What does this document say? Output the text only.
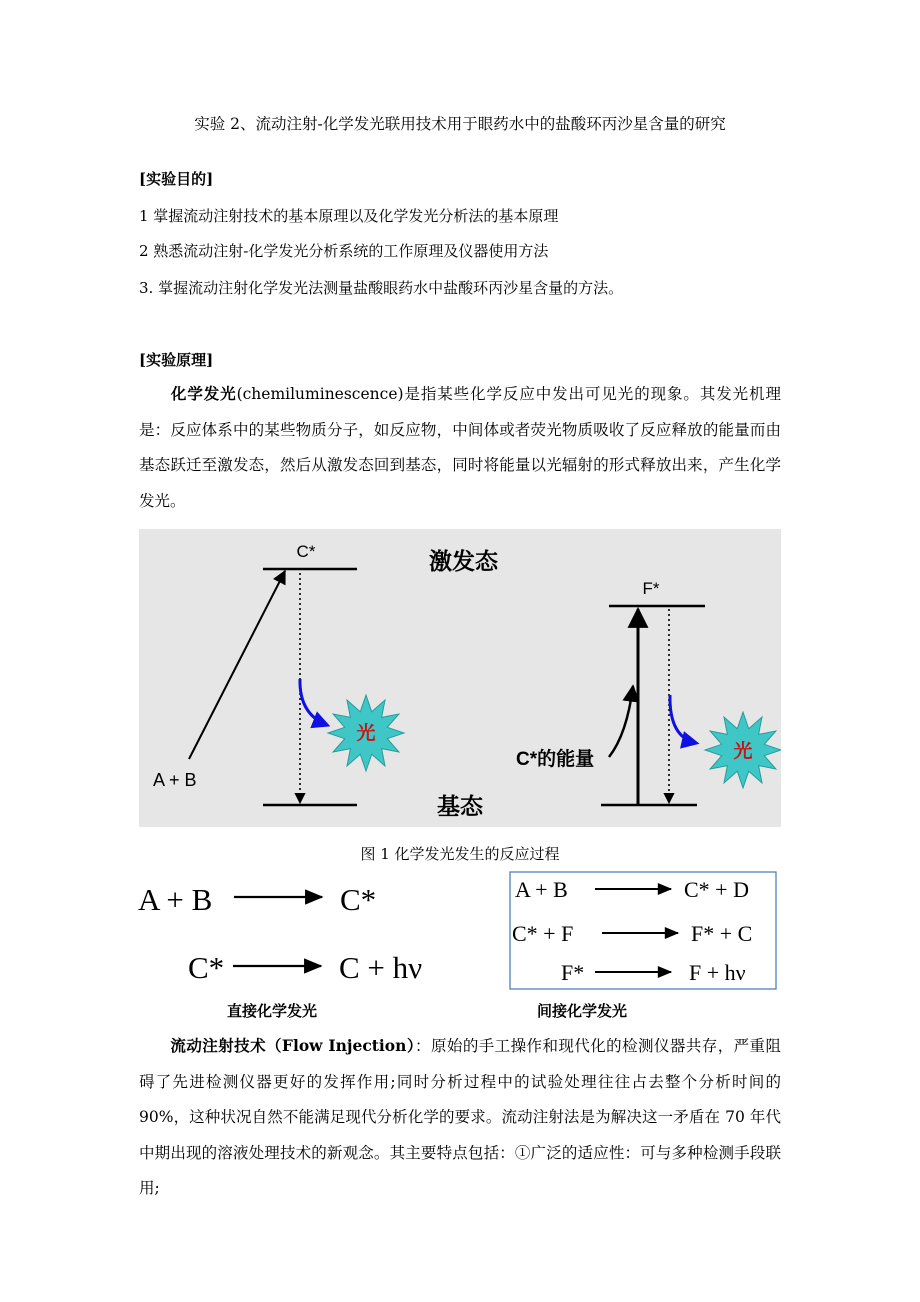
实验 2、流动注射-化学发光联用技术用于眼药水中的盐酸环丙沙星含量的研究
[实验目的]
1 掌握流动注射技术的基本原理以及化学发光分析法的基本原理
2 熟悉流动注射-化学发光分析系统的工作原理及仪器使用方法
3. 掌握流动注射化学发光法测量盐酸眼药水中盐酸环丙沙星含量的方法。
[实验原理]
化学发光(chemiluminescence)是指某些化学反应中发出可见光的现象。其发光机理是：反应体系中的某些物质分子，如反应物，中间体或者荧光物质吸收了反应释放的能量而由基态跃迁至激发态，然后从激发态回到基态，同时将能量以光辐射的形式释放出来，产生化学发光。
光
C*	激发态
A + B
基态
光
F*
C*的能量
图 1 化学发光发生的反应过程
A + B	C*
C*	C + hν
A + B	C* + D
C* + F	F* + C
F*	F + hν
直接化学发光	间接化学发光
流动注射技术（Flow Injection）：原始的手工操作和现代化的检测仪器共存，严重阻碍了先进检测仪器更好的发挥作用;同时分析过程中的试验处理往往占去整个分析时间的 90%，这种状况自然不能满足现代分析化学的要求。流动注射法是为解决这一矛盾在 70 年代中期出现的溶液处理技术的新观念。其主要特点包括：①广泛的适应性：可与多种检测手段联用;
